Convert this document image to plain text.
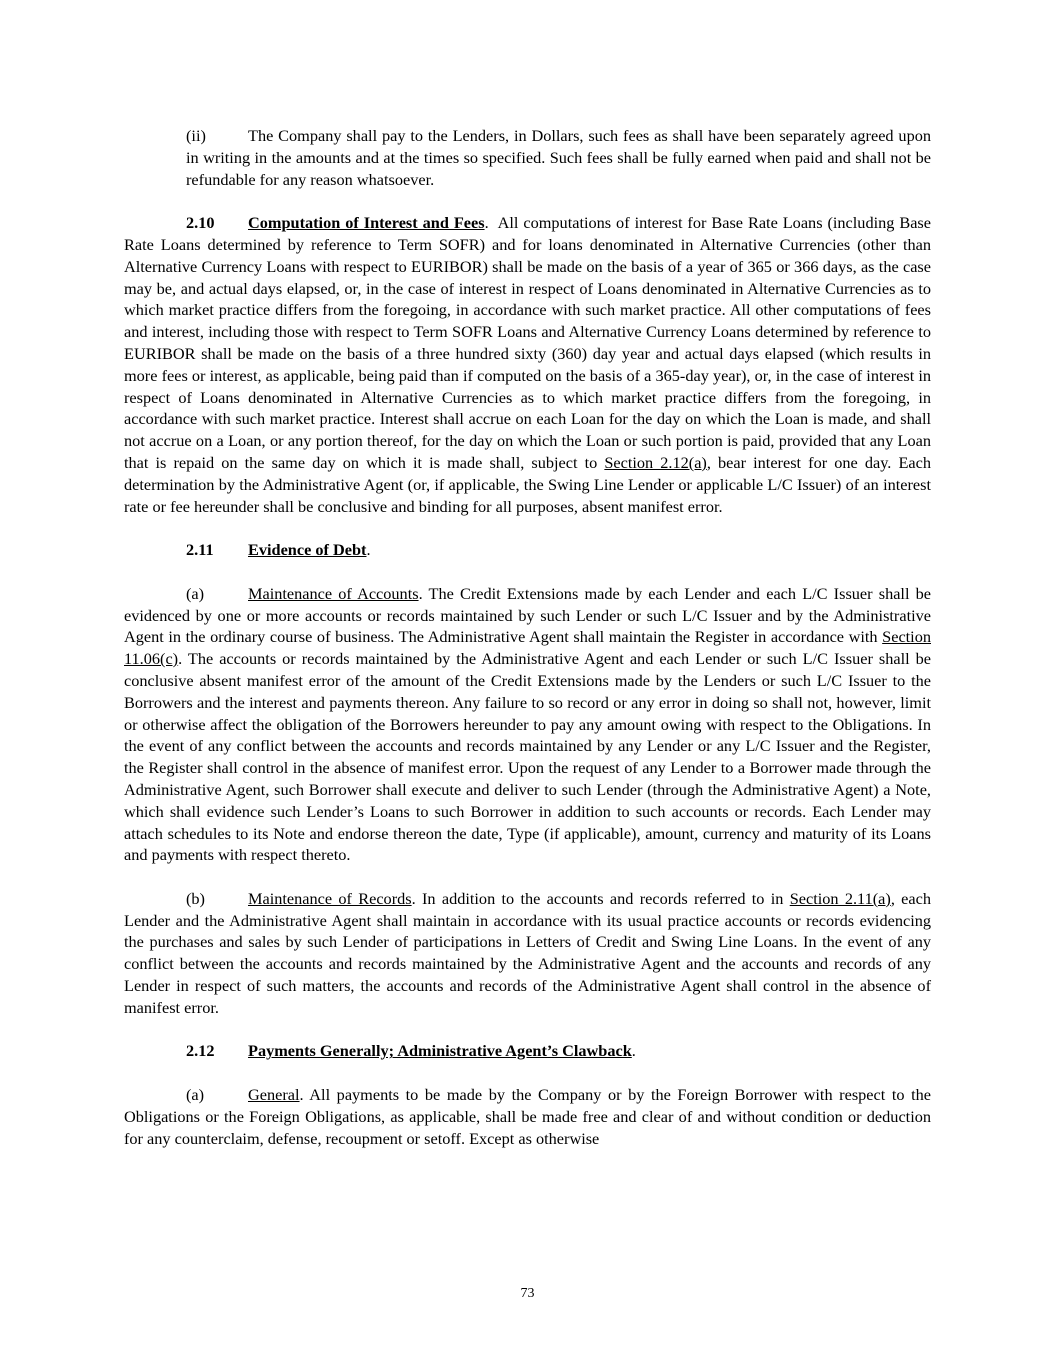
(ii)	The Company shall pay to the Lenders, in Dollars, such fees as shall have been separately agreed upon in writing in the amounts and at the times so specified. Such fees shall be fully earned when paid and shall not be refundable for any reason whatsoever.

2.10 Computation of Interest and Fees. All computations of interest for Base Rate Loans (including Base Rate Loans determined by reference to Term SOFR) and for loans denominated in Alternative Currencies (other than Alternative Currency Loans with respect to EURIBOR) shall be made on the basis of a year of 365 or 366 days, as the case may be, and actual days elapsed, or, in the case of interest in respect of Loans denominated in Alternative Currencies as to which market practice differs from the foregoing, in accordance with such market practice. All other computations of fees and interest, including those with respect to Term SOFR Loans and Alternative Currency Loans determined by reference to EURIBOR shall be made on the basis of a three hundred sixty (360) day year and actual days elapsed (which results in more fees or interest, as applicable, being paid than if computed on the basis of a 365-day year), or, in the case of interest in respect of Loans denominated in Alternative Currencies as to which market practice differs from the foregoing, in accordance with such market practice. Interest shall accrue on each Loan for the day on which the Loan is made, and shall not accrue on a Loan, or any portion thereof, for the day on which the Loan or such portion is paid, provided that any Loan that is repaid on the same day on which it is made shall, subject to Section 2.12(a), bear interest for one day. Each determination by the Administrative Agent (or, if applicable, the Swing Line Lender or applicable L/C Issuer) of an interest rate or fee hereunder shall be conclusive and binding for all purposes, absent manifest error.

2.11 Evidence of Debt.

(a)	Maintenance of Accounts. The Credit Extensions made by each Lender and each L/C Issuer shall be evidenced by one or more accounts or records maintained by such Lender or such L/C Issuer and by the Administrative Agent in the ordinary course of business. The Administrative Agent shall maintain the Register in accordance with Section 11.06(c). The accounts or records maintained by the Administrative Agent and each Lender or such L/C Issuer shall be conclusive absent manifest error of the amount of the Credit Extensions made by the Lenders or such L/C Issuer to the Borrowers and the interest and payments thereon. Any failure to so record or any error in doing so shall not, however, limit or otherwise affect the obligation of the Borrowers hereunder to pay any amount owing with respect to the Obligations. In the event of any conflict between the accounts and records maintained by any Lender or any L/C Issuer and the Register, the Register shall control in the absence of manifest error. Upon the request of any Lender to a Borrower made through the Administrative Agent, such Borrower shall execute and deliver to such Lender (through the Administrative Agent) a Note, which shall evidence such Lender’s Loans to such Borrower in addition to such accounts or records. Each Lender may attach schedules to its Note and endorse thereon the date, Type (if applicable), amount, currency and maturity of its Loans and payments with respect thereto.

(b)	Maintenance of Records. In addition to the accounts and records referred to in Section 2.11(a), each Lender and the Administrative Agent shall maintain in accordance with its usual practice accounts or records evidencing the purchases and sales by such Lender of participations in Letters of Credit and Swing Line Loans. In the event of any conflict between the accounts and records maintained by the Administrative Agent and the accounts and records of any Lender in respect of such matters, the accounts and records of the Administrative Agent shall control in the absence of manifest error.

2.12 Payments Generally; Administrative Agent’s Clawback.

(a)	General. All payments to be made by the Company or by the Foreign Borrower with respect to the Obligations or the Foreign Obligations, as applicable, shall be made free and clear of and without condition or deduction for any counterclaim, defense, recoupment or setoff. Except as otherwise

73
